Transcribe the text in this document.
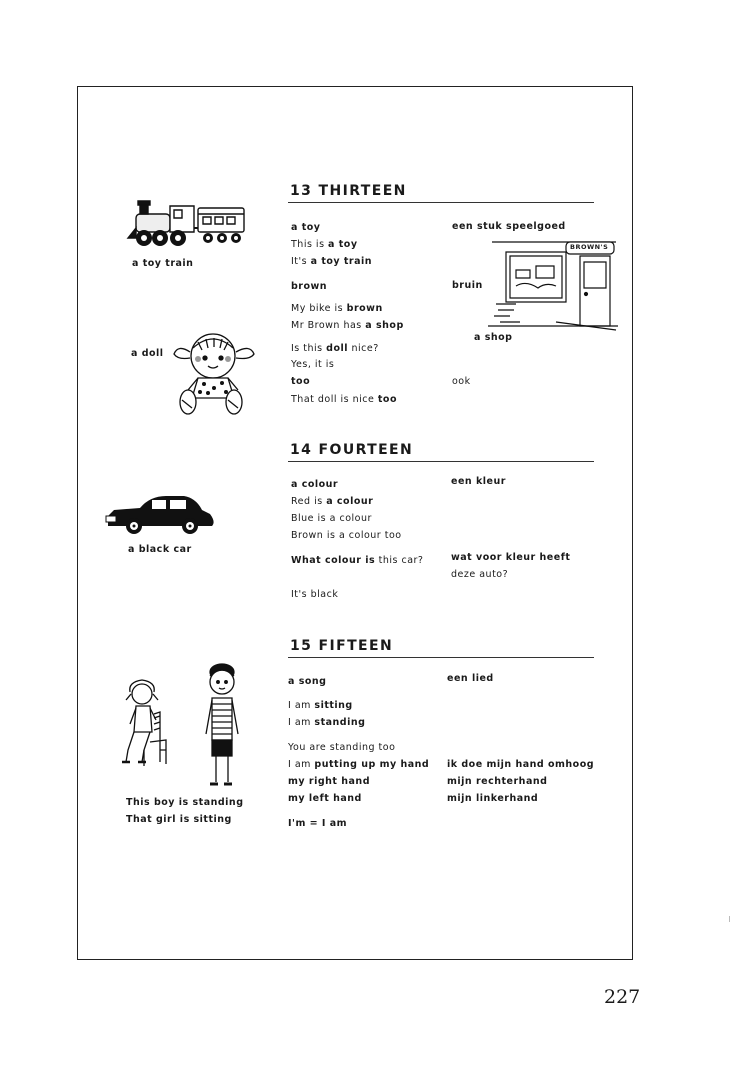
13 THIRTEEN
a toy
This is a toy
It's a toy train
brown
My bike is brown
Mr Brown has a shop
Is this doll nice?
Yes, it is
too
That doll is nice too
een stuk speelgoed
bruin
ook
a toy train
a doll
a shop
BROWN'S
14 FOURTEEN
a colour
Red is a colour
Blue is a colour
Brown is a colour too
What colour is this car?
It's black
een kleur
wat voor kleur heeft
deze auto?
a black car
15 FIFTEEN
a song
I am sitting
I am standing
You are standing too
I am putting up my hand
my right hand
my left hand
I'm = I am
een lied
ik doe mijn hand omhoog
mijn rechterhand
mijn linkerhand
This boy is standing
That girl is sitting
227
